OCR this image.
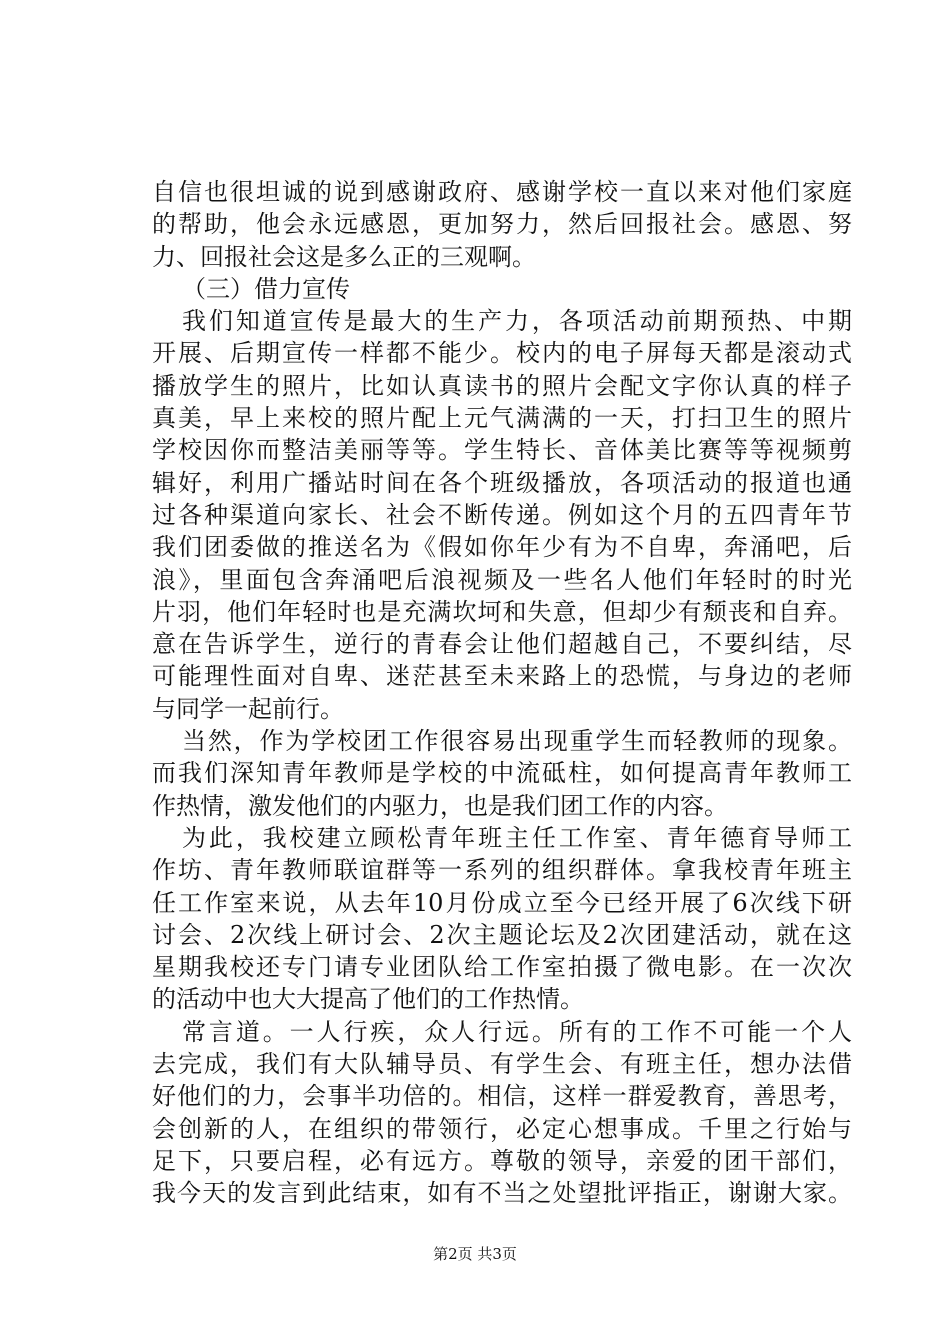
自信也很坦诚的说到感谢政府、感谢学校一直以来对他们家庭
的帮助，他会永远感恩，更加努力，然后回报社会。感恩、努
力、回报社会这是多么正的三观啊。
（三）借力宣传
我们知道宣传是最大的生产力，各项活动前期预热、中期
开展、后期宣传一样都不能少。校内的电子屏每天都是滚动式
播放学生的照片，比如认真读书的照片会配文字你认真的样子
真美，早上来校的照片配上元气满满的一天，打扫卫生的照片
学校因你而整洁美丽等等。学生特长、音体美比赛等等视频剪
辑好，利用广播站时间在各个班级播放，各项活动的报道也通
过各种渠道向家长、社会不断传递。例如这个月的五四青年节
我们团委做的推送名为《假如你年少有为不自卑，奔涌吧，后
浪》，里面包含奔涌吧后浪视频及一些名人他们年轻时的时光
片羽，他们年轻时也是充满坎坷和失意，但却少有颓丧和自弃。
意在告诉学生，逆行的青春会让他们超越自己，不要纠结，尽
可能理性面对自卑、迷茫甚至未来路上的恐慌，与身边的老师
与同学一起前行。
当然，作为学校团工作很容易出现重学生而轻教师的现象。
而我们深知青年教师是学校的中流砥柱，如何提高青年教师工
作热情，激发他们的内驱力，也是我们团工作的内容。
为此，我校建立顾松青年班主任工作室、青年德育导师工
作坊、青年教师联谊群等一系列的组织群体。拿我校青年班主
任工作室来说，从去年10月份成立至今已经开展了6次线下研
讨会、2次线上研讨会、2次主题论坛及2次团建活动，就在这
星期我校还专门请专业团队给工作室拍摄了微电影。在一次次
的活动中也大大提高了他们的工作热情。
常言道。一人行疾，众人行远。所有的工作不可能一个人
去完成，我们有大队辅导员、有学生会、有班主任，想办法借
好他们的力，会事半功倍的。相信，这样一群爱教育，善思考，
会创新的人，在组织的带领行，必定心想事成。千里之行始与
足下，只要启程，必有远方。尊敬的领导，亲爱的团干部们，
我今天的发言到此结束，如有不当之处望批评指正，谢谢大家。
第2页 共3页
